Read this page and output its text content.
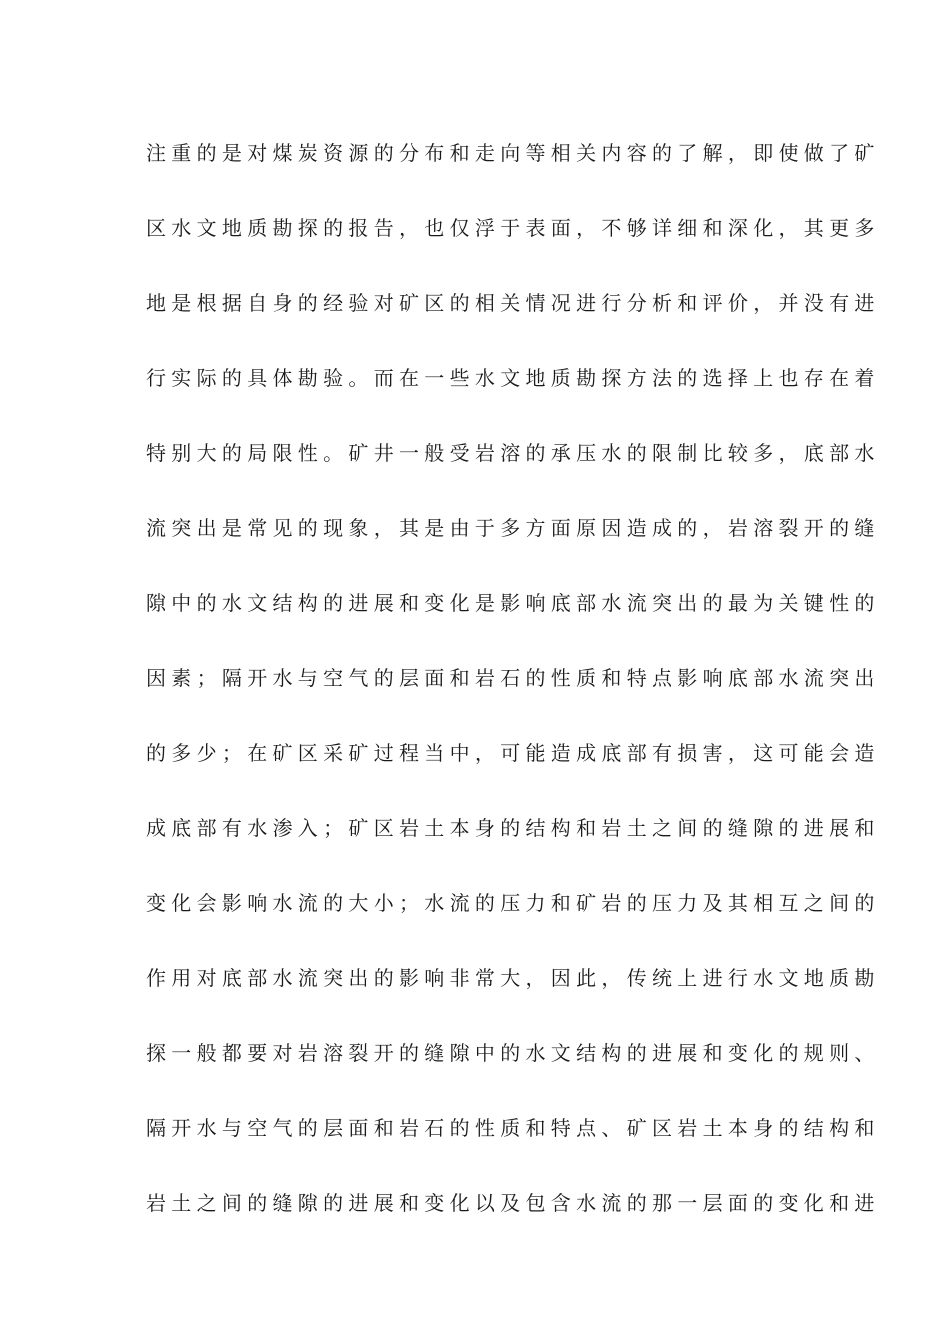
注重的是对煤炭资源的分布和走向等相关内容的了解，即使做了矿
区水文地质勘探的报告，也仅浮于表面，不够详细和深化，其更多
地是根据自身的经验对矿区的相关情况进行分析和评价，并没有进
行实际的具体勘验。而在一些水文地质勘探方法的选择上也存在着
特别大的局限性。矿井一般受岩溶的承压水的限制比较多，底部水
流突出是常见的现象，其是由于多方面原因造成的，岩溶裂开的缝
隙中的水文结构的进展和变化是影响底部水流突出的最为关键性的
因素；隔开水与空气的层面和岩石的性质和特点影响底部水流突出
的多少；在矿区采矿过程当中，可能造成底部有损害，这可能会造
成底部有水渗入；矿区岩土本身的结构和岩土之间的缝隙的进展和
变化会影响水流的大小；水流的压力和矿岩的压力及其相互之间的
作用对底部水流突出的影响非常大，因此，传统上进行水文地质勘
探一般都要对岩溶裂开的缝隙中的水文结构的进展和变化的规则、
隔开水与空气的层面和岩石的性质和特点、矿区岩土本身的结构和
岩土之间的缝隙的进展和变化以及包含水流的那一层面的变化和进
